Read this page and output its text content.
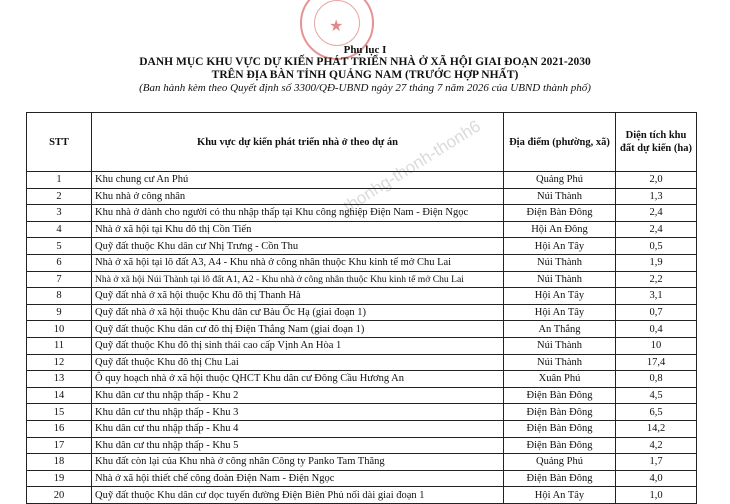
★
Phụ lục I
DANH MỤC KHU VỰC DỰ KIẾN PHÁT TRIỂN NHÀ Ở XÃ HỘI GIAI ĐOẠN 2021-2030
TRÊN ĐỊA BÀN TỈNH QUẢNG NAM (TRƯỚC HỢP NHẤT)
(Ban hành kèm theo Quyết định số 3300/QĐ-UBND ngày 27 tháng 7 năm 2026 của UBND thành phố)
thonhg-thonh-thonh6
STT	Khu vực dự kiến phát triển nhà ở theo dự án	Địa điểm (phường, xã)	Diện tích khu đất dự kiến (ha)
1	Khu chung cư An Phú	Quảng Phú	2,0
2	Khu nhà ở công nhân	Núi Thành	1,3
3	Khu nhà ở dành cho người có thu nhập thấp tại Khu công nghiệp Điện Nam - Điện Ngọc	Điện Bàn Đông	2,4
4	Nhà ở xã hội tại Khu đô thị Cồn Tiến	Hội An Đông	2,4
5	Quỹ đất thuộc Khu dân cư Nhị Trưng - Cồn Thu	Hội An Tây	0,5
6	Nhà ở xã hội tại lô đất A3, A4 - Khu nhà ở công nhân thuộc Khu kinh tế mở Chu Lai	Núi Thành	1,9
7	Nhà ở xã hội Núi Thành tại lô đất A1, A2 - Khu nhà ở công nhân thuộc Khu kinh tế mở Chu Lai	Núi Thành	2,2
8	Quỹ đất nhà ở xã hội thuộc Khu đô thị Thanh Hà	Hội An Tây	3,1
9	Quỹ đất nhà ở xã hội thuộc Khu dân cư Bàu Ốc Hạ (giai đoạn 1)	Hội An Tây	0,7
10	Quỹ đất thuộc Khu dân cư đô thị Điện Thắng Nam (giai đoạn 1)	An Thắng	0,4
11	Quỹ đất thuộc Khu đô thị sinh thái cao cấp Vịnh An Hòa 1	Núi Thành	10
12	Quỹ đất thuộc Khu đô thị Chu Lai	Núi Thành	17,4
13	Ô quy hoạch nhà ở xã hội thuộc QHCT Khu dân cư Đông Cầu Hương An	Xuân Phú	0,8
14	Khu dân cư thu nhập thấp - Khu 2	Điện Bàn Đông	4,5
15	Khu dân cư thu nhập thấp - Khu 3	Điện Bàn Đông	6,5
16	Khu dân cư thu nhập thấp - Khu 4	Điện Bàn Đông	14,2
17	Khu dân cư thu nhập thấp - Khu 5	Điện Bàn Đông	4,2
18	Khu đất còn lại của Khu nhà ở công nhân Công ty Panko Tam Thăng	Quảng Phú	1,7
19	Nhà ở xã hội thiết chế công đoàn Điện Nam - Điện Ngọc	Điện Bàn Đông	4,0
20	Quỹ đất thuộc Khu dân cư dọc tuyến đường Điện Biên Phủ nối dài giai đoạn 1	Hội An Tây	1,0
